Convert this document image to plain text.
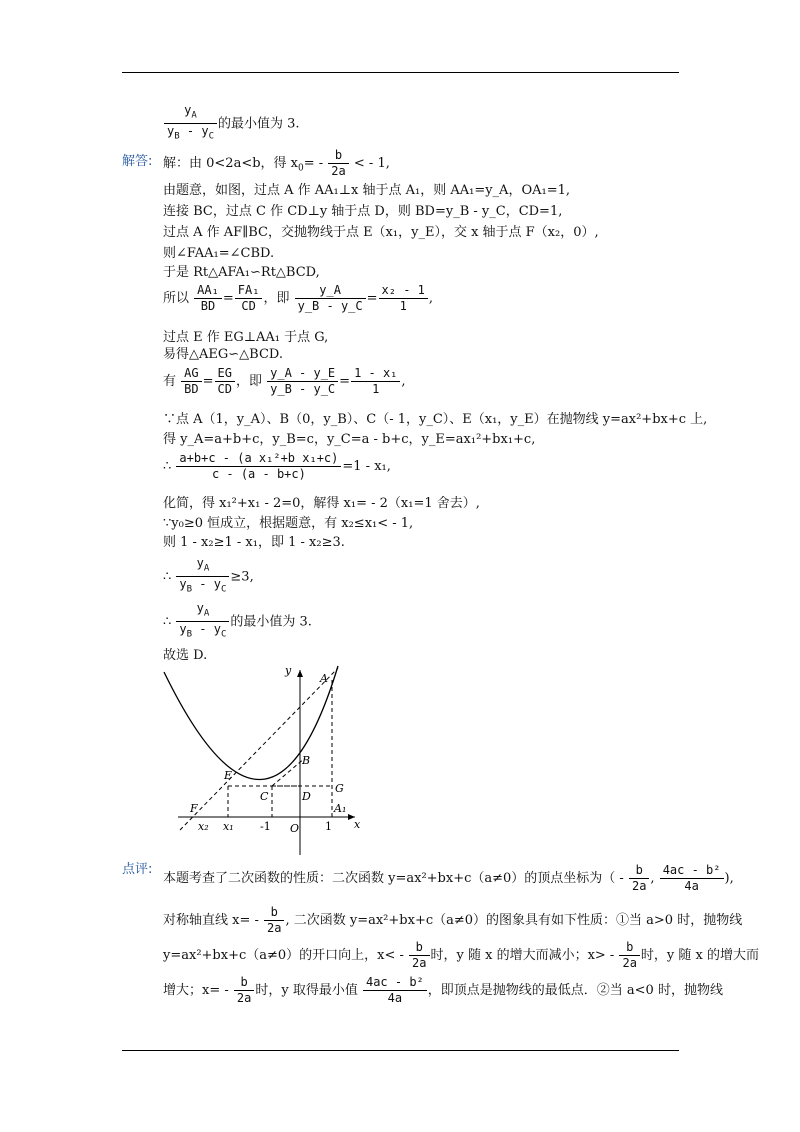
$\frac{y_A}{y_B - y_C}$ 的最小值为 3.
解答: 解：由 0<2a<b，得 $x_0= - \frac{b}{2a}$ < - 1,
由题意，如图，过点 A 作 AA₁⊥x 轴于点 A₁，则 AA₁=y_A，OA₁=1,
连接 BC，过点 C 作 CD⊥y 轴于点 D，则 BD=y_B - y_C，CD=1,
过点 A 作 AF∥BC，交抛物线于点 E（x₁，y_E），交 x 轴于点 F（x₂，0）,
则∠FAA₁=∠CBD.
于是 Rt△AFA₁∽Rt△BCD,
所以 $\frac{\text{AA₁}}{BD} = \frac{\text{FA₁}}{CD}$ ，即 $\frac{y\_A}{y\_B - y\_C} = \frac{\text{x₂ - 1}}{1}$ ,
过点 E 作 EG⊥AA₁ 于点 G,
易得△AEG∽△BCD.
有 $\frac{AG}{BD} = \frac{EG}{CD}$ ，即 $\frac{y\_A - y\_E}{y\_B - y\_C} = \frac{\text{1 - x₁}}{1}$ ,
∵点 A（1，y_A）、B（0，y_B）、C（- 1，y_C）、E（x₁，y_E）在抛物线 y=ax²+bx+c 上,
得 y_A=a+b+c，y_B=c，y_C=a - b+c，y_E=ax₁²+bx₁+c,
∴ $\frac{\text{a+b+c - (a x₁²+b x₁+c)}}{c - (a - b+c)} =1 - x_1$,
化简，得 x₁²+x₁ - 2=0，解得 x₁= - 2（x₁=1 舍去）,
∵y₀≥0 恒成立，根据题意，有 x₂≤x₁< - 1,
则 1 - x₂≥1 - x₁，即 1 - x₂≥3.
∴ $\frac{y_A}{y_B - y_C} \ge 3$,
∴ $\frac{y_A}{y_B - y_C}$ 的最小值为 3.
故选 D.
y
x
A
B
C	D
E
F
G
A₁
O
x₂ x₁ -1	1
点评:
本题考查了二次函数的性质：二次函数 y=ax²+bx+c（a≠0）的顶点坐标为（ - $\frac{b}{2a}$ , $\frac{\text{4ac - b²}}{4a}$ ),
对称轴直线 $x= - \frac{b}{2a}$ , 二次函数 y=ax²+bx+c（a≠0）的图象具有如下性质：①当 a>0 时，抛物线
y=ax²+bx+c（a≠0）的开口向上，$x< - \frac{b}{2a}$ 时，y 随 x 的增大而减小；$x> - \frac{b}{2a}$ 时，y 随 x 的增大而
增大；$x= - \frac{b}{2a}$ 时，y 取得最小值 $\frac{\text{4ac - b²}}{4a}$ ，即顶点是抛物线的最低点．②当 a<0 时，抛物线
